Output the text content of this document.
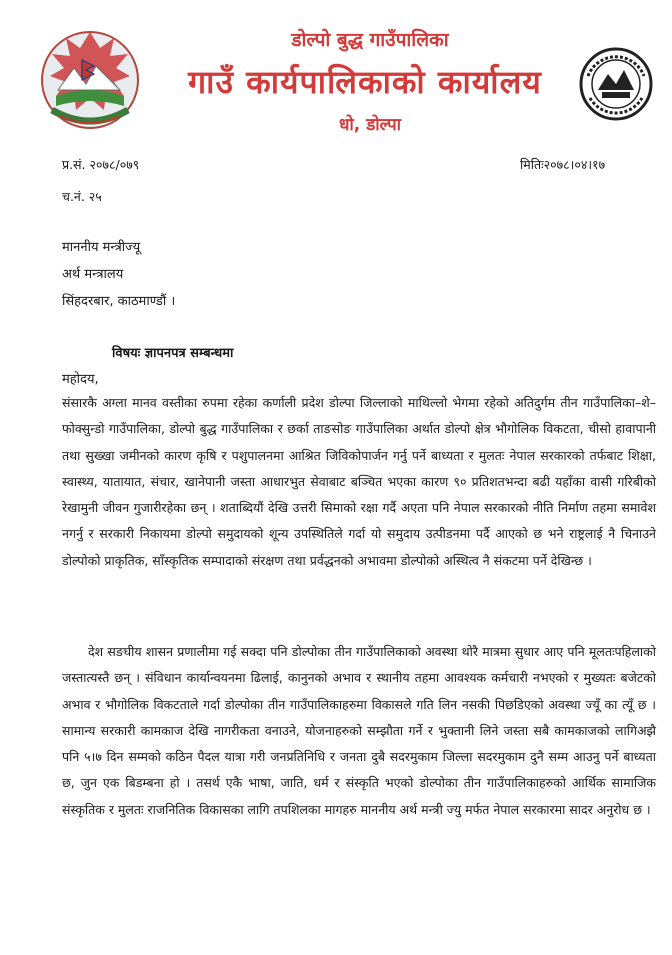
डोल्पो बुद्ध गाउँपालिका
गाउँ कार्यपालिकाको कार्यालय
धो, डोल्पा
प्र.सं. २०७८/०७९	मितिः२०७८।०४।१७
च.नं. २५
माननीय मन्त्रीज्यू
अर्थ मन्त्रालय
सिंहदरबार, काठमाण्डौं ।
विषयः ज्ञापनपत्र सम्बन्धमा
महोदय,
संसारकै अग्ला मानव वस्तीका रुपमा रहेका कर्णाली प्रदेश डोल्पा जिल्लाको माथिल्लो भेगमा रहेको अतिदुर्गम तीन गाउँपालिका–शे–फोक्सुन्डो गाउँपालिका, डोल्पो बुद्ध गाउँपालिका र छर्का ताङसोङ गाउँपालिका अर्थात डोल्पो क्षेत्र भौगोलिक विकटता, चीसो हावापानी तथा सुख्खा जमीनको कारण कृषि र पशुपालनमा आश्रित जिविकोपार्जन गर्नु पर्ने बाध्यता र मुलतः नेपाल सरकारको तर्फबाट शिक्षा, स्वास्थ्य, यातायात, संचार, खानेपानी जस्ता आधारभुत सेवाबाट बञ्चित भएका कारण ९० प्रतिशतभन्दा बढी यहाँका वासी गरिबीको रेखामुनी जीवन गुजारीरहेका छन् । शताब्दियौं देखि उत्तरी सिमाको रक्षा गर्दै अएता पनि नेपाल सरकारको नीति निर्माण तहमा समावेश नगर्नु र सरकारी निकायमा डोल्पो समुदायको शून्य उपस्थितिले गर्दा यो समुदाय उत्पीडनमा पर्दै आएको छ भने राष्ट्रलाई नै चिनाउने डोल्पोको प्राकृतिक, साँस्कृतिक सम्पादाको संरक्षण तथा प्रर्वद्धनको अभावमा डोल्पोको अस्थित्व नै संकटमा पर्ने देखिन्छ ।
देश सङघीय शासन प्रणालीमा गई सक्दा पनि डोल्पोका तीन गाउँपालिकाको अवस्था थोरै मात्रमा सुधार आए पनि मूलतःपहिलाको जस्तात्यस्तै छन् । संविधान कार्यान्वयनमा ढिलाई, कानुनको अभाव र स्थानीय तहमा आवश्यक कर्मचारी नभएको र मुख्यतः बजेटको अभाव र भौगोलिक विकटताले गर्दा डोल्पोका तीन गाउँपालिकाहरुमा विकासले गति लिन नसकी पिछडिएको अवस्था ज्यूँ का त्यूँ छ । सामान्य सरकारी कामकाज देखि नागरीकता वनाउने, योजनाहरुको सम्झौता गर्ने र भुक्तानी लिने जस्ता सबै कामकाजको लागिअझै पनि ५।७ दिन सम्मको कठिन पैदल यात्रा गरी जनप्रतिनिधि र जनता दुबै सदरमुकाम जिल्ला सदरमुकाम दुनै सम्म आउनु पर्ने बाध्यता छ, जुन एक बिडम्बना हो । तसर्थ एकै भाषा, जाति, धर्म र संस्कृति भएको डोल्पोका तीन गाउँपालिकाहरुको आर्थिक सामाजिक संस्कृतिक र मुलतः राजनितिक विकासका लागि तपशिलका मागहरु माननीय अर्थ मन्त्री ज्यु मर्फत नेपाल सरकारमा सादर अनुरोध छ ।
